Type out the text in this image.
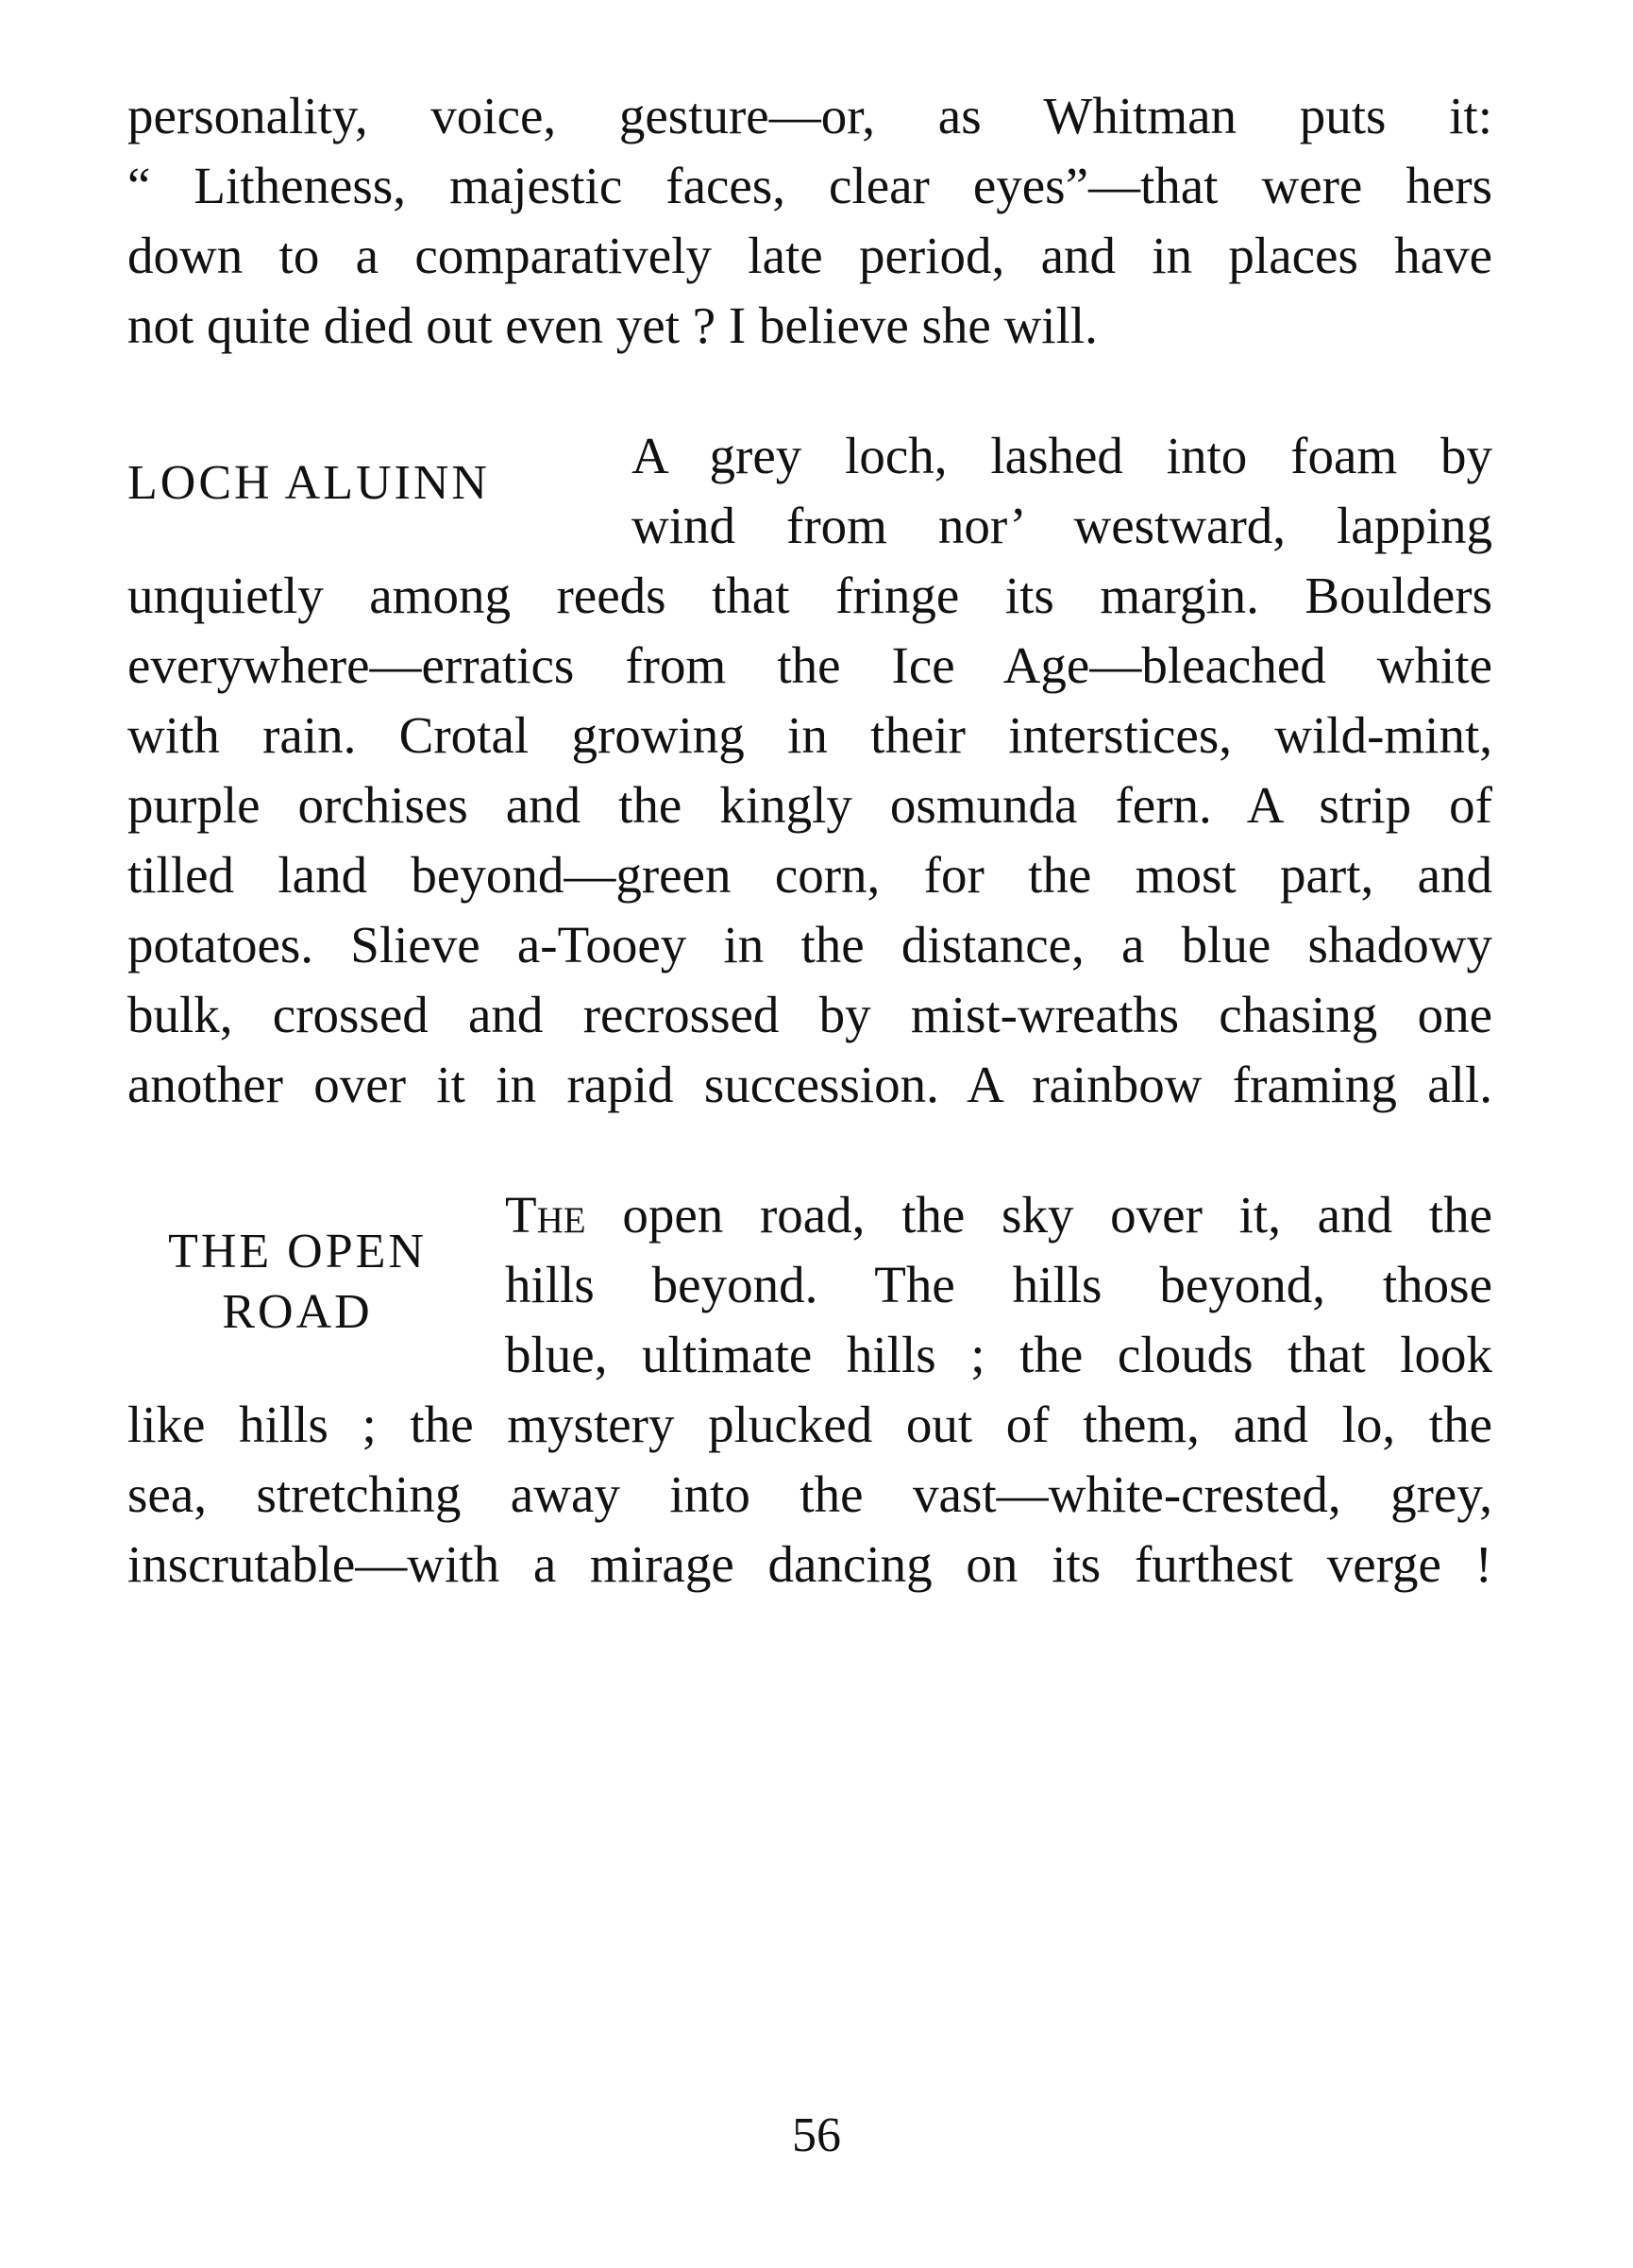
personality, voice, gesture—or, as Whitman puts it:
“ Litheness, majestic faces, clear eyes”—that were hers
down to a comparatively late period, and in places have
not quite died out even yet ? I believe she will.
LOCH ALUINN	A grey loch, lashed into foam by
wind from nor’ westward, lapping
unquietly among reeds that fringe its margin. Boulders
everywhere—erratics from the Ice Age—bleached white
with rain. Crotal growing in their interstices, wild-mint,
purple orchises and the kingly osmunda fern. A strip of
tilled land beyond—green corn, for the most part, and
potatoes. Slieve a-Tooey in the distance, a blue shadowy
bulk, crossed and recrossed by mist-wreaths chasing one
another over it in rapid succession. A rainbow framing all.
THE OPEN
ROAD
The open road, the sky over it, and the
hills beyond. The hills beyond, those
blue, ultimate hills ; the clouds that look
like hills ; the mystery plucked out of them, and lo, the
sea, stretching away into the vast—white-crested, grey,
inscrutable—with a mirage dancing on its furthest verge !
56
